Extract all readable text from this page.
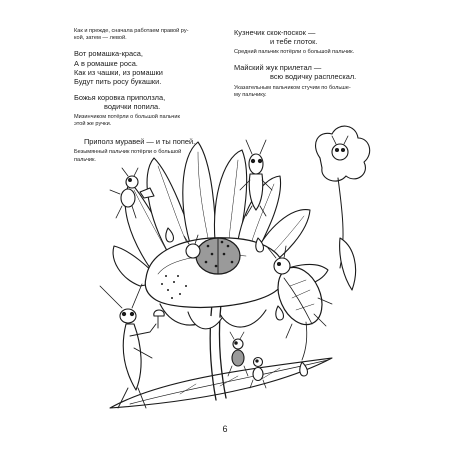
Как и прежде, сначала работаем правой ру-

кой, затем — левой.

Вот ромашка-краса,

А в ромашке роса.

Как из чашки, из ромашки

Будут пить росу букашки.

Божья коровка приползла,

водички попила.

Мизинчиком потёрли о большой пальчик

этой же ручки.

Приполз муравей — и ты попей.

Безымянный пальчик потёрли о большой

пальчик.

Кузнечик скок-поскок —

и тебе глоток.

Средний пальчик потёрли о большой пальчик.

Майский жук прилетал —

всю водичку расплескал.

Указательным пальчиком стучим по больше-

му пальчику.

6
